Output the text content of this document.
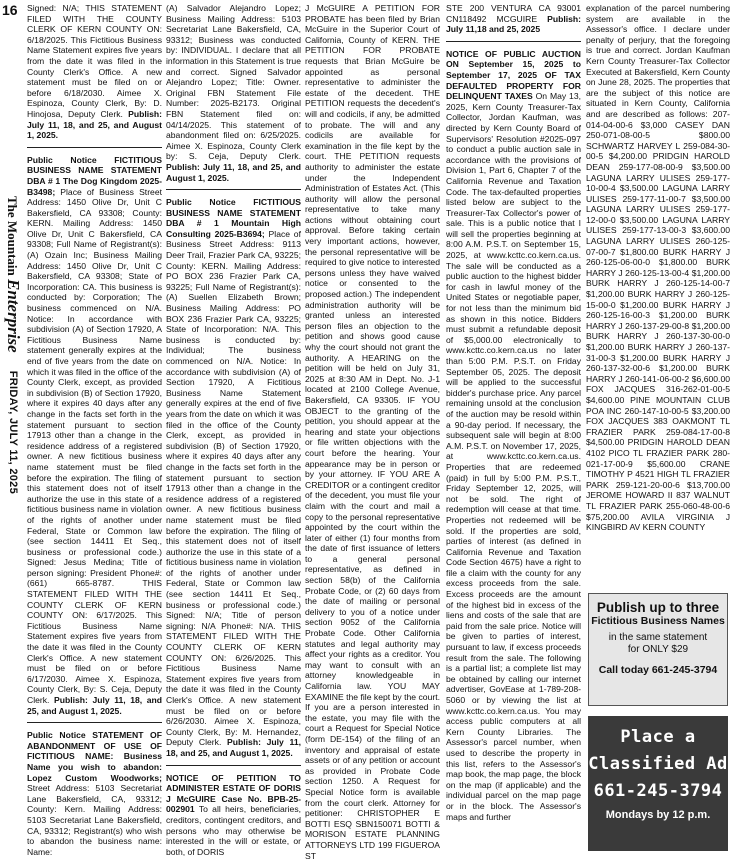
16
The Mountain Enterprise
FRIDAY, JULY 11, 2025

Signed: N/A; THIS STATEMENT FILED WITH THE COUNTY CLERK OF KERN COUNTY ON: 6/18/2025. This Fictitious Business Name Statement expires five years from the date it was filed in the County Clerk's Office. A new statement must be filed on or before 6/18/2030. Aimee X. Espinoza, County Clerk, By: D. Hinojosa, Deputy Clerk. Publish: July 11, 18, and 25, and August 1, 2025.

Public Notice FICTITIOUS BUSINESS NAME STATEMENT DBA # 1 The Dog Kingdom 2025-B3498; Place of Business Street Address: 1450 Olive Dr, Unit C Bakersfield, CA 93308; County: KERN. Mailing Address: 1450 Olive Dr, Unit C Bakersfield, CA 93308; Full Name of Registrant(s): (A) Ozain Inc; Business Mailing Address: 1450 Olive Dr, Unit C Bakersfield, CA 93308; State of Incorporation: CA. This business is conducted by: Corporation; The business commenced on N/A. Notice: In accordance with subdivision (A) of Section 17920, A Fictitious Business Name statement generally expires at the end of five years from the date on which it was filed in the office of the County Clerk, except, as provided in subdivision (B) of Section 17920, where it expires 40 days after any change in the facts set forth in the statement pursuant to section 17913 other than a change in the residence address of a registered owner. A new fictitious business name statement must be filed before the expiration. The filing of this statement does not of itself authorize the use in this state of a fictitious business name in violation of the rights of another under Federal, State or Common law (see section 14411 Et Seq., business or professional code.) Signed: Jesus Medina; Title of person signing: President Phone#: (661) 665-8787. THIS STATEMENT FILED WITH THE COUNTY CLERK OF KERN COUNTY ON: 6/17/2025. This Fictitious Business Name Statement expires five years from the date it was filed in the County Clerk's Office. A new statement must be filed on or before 6/17/2030. Aimee X. Espinoza, County Clerk, By: S. Ceja, Deputy Clerk. Publish: July 11, 18, and 25, and August 1, 2025.

Public Notice STATEMENT OF ABANDONMENT OF USE OF FICTITIOUS NAME: Business Name you wish to abandon: Lopez Custom Woodworks; Street Address: 5103 Secretariat Lane Bakersfield, CA, 93312; County: Kern. Mailing Address: 5103 Secretariat Lane Bakersfield, CA, 93312; Registrant(s) who wish to abandon the business name: Name:

(A) Salvador Alejandro Lopez; Business Mailing Address: 5103 Secretariat Lane Bakersfield, CA, 93312; Business was conducted by: INDIVIDUAL. I declare that all information in this Statement is true and correct. Signed Salvador Alejandro Lopez; Title: Owner. Original FBN Statement File Number: 2025-B2173. Original FBN Statement filed on: 04/14/2025. This statement of abandonment filed on: 6/25/2025. Aimee X. Espinoza, County Clerk by: S. Ceja, Deputy Clerk. Publish: July 11, 18, and 25, and August 1, 2025.

Public Notice FICTITIOUS BUSINESS NAME STATEMENT DBA # 1 Mountain High Consulting 2025-B3694; Place of Business Street Address: 9113 Deer Trail, Frazier Park CA, 93225; County: KERN. Mailing Address: PO BOX 236 Frazier Park CA, 93225; Full Name of Registrant(s): (A) Suellen Elizabeth Brown; Business Mailing Address: PO BOX 236 Frazier Park CA, 93225; State of Incorporation: N/A. This business is conducted by: Individual; The business commenced on N/A. Notice: In accordance with subdivision (A) of Section 17920, A Fictitious Business Name Statement generally expires at the end of five years from the date on which it was filed in the office of the County Clerk, except, as provided in subdivision (B) of Section 17920, where it expires 40 days after any change in the facts set forth in the statement pursuant to section 17913 other than a change in the residence address of a registered owner. A new fictitious business name statement must be filed before the expiration. The filing of this statement does not of itself authorize the use in this state of a fictitious business name in violation of the rights of another under Federal, State or Common law (see section 14411 Et Seq., business or professional code.) Signed: N/A; Title of person signing: N/A Phone#: N/A. THIS STATEMENT FILED WITH THE COUNTY CLERK OF KERN COUNTY ON: 6/26/2025. This Fictitious Business Name Statement expires five years from the date it was filed in the County Clerk's Office. A new statement must be filed on or before 6/26/2030. Aimee X. Espinoza, County Clerk, By: M. Hernandez, Deputy Clerk. Publish: July 11, 18, and 25, and August 1, 2025.

NOTICE OF PETITION TO ADMINISTER ESTATE OF DORIS J McGUIRE Case No. BPB-25-002901 To all heirs, beneficiaries, creditors, contingent creditors, and persons who may otherwise be interested in the will or estate, or both, of DORIS

J McGUIRE A PETITION FOR PROBATE has been filed by Brian McGuire in the Superior Court of California, County of KERN. THE PETITION FOR PROBATE requests that Brian McGuire be appointed as personal representative to administer the estate of the decedent. THE PETITION requests the decedent's will and codicils, if any, be admitted to probate. The will and any codicils are available for examination in the file kept by the court. THE PETITION requests authority to administer the estate under the Independent Administration of Estates Act. (This authority will allow the personal representative to take many actions without obtaining court approval. Before taking certain very important actions, however, the personal representative will be required to give notice to interested persons unless they have waived notice or consented to the proposed action.) The independent administration authority will be granted unless an interested person files an objection to the petition and shows good cause why the court should not grant the authority. A HEARING on the petition will be held on July 31, 2025 at 8:30 AM in Dept. No. J-1 located at 2100 College Avenue, Bakersfield, CA 93305. IF YOU OBJECT to the granting of the petition, you should appear at the hearing and state your objections or file written objections with the court before the hearing. Your appearance may be in person or by your attorney. IF YOU ARE A CREDITOR or a contingent creditor of the decedent, you must file your claim with the court and mail a copy to the personal representative appointed by the court within the later of either (1) four months from the date of first issuance of letters to a general personal representative, as defined in section 58(b) of the California Probate Code, or (2) 60 days from the date of mailing or personal delivery to you of a notice under section 9052 of the California Probate Code. Other California statutes and legal authority may affect your rights as a creditor. You may want to consult with an attorney knowledgeable in California law. YOU MAY EXAMINE the file kept by the court. If you are a person interested in the estate, you may file with the court a Request for Special Notice (form DE-154) of the filing of an inventory and appraisal of estate assets or of any petition or account as provided in Probate Code section 1250. A Request for Special Notice form is available from the court clerk. Attorney for petitioner: CHRISTOPHER E BOTTI ESQ SBN150071 BOTTI & MORISON ESTATE PLANNING ATTORNEYS LTD 199 FIGUEROA ST

STE 200 VENTURA CA 93001 CN118492 MCGUIRE Publish: July 11,18 and 25, 2025

NOTICE OF PUBLIC AUCTION ON September 15, 2025 to September 17, 2025 OF TAX DEFAULTED PROPERTY FOR DELINQUENT TAXES On May 13, 2025, Kern County Treasurer-Tax Collector, Jordan Kaufman, was directed by Kern County Board of Supervisors' Resolution #2025-097 to conduct a public auction sale in accordance with the provisions of Division 1, Part 6, Chapter 7 of the California Revenue and Taxation Code. The tax-defaulted properties listed below are subject to the Treasurer-Tax Collector's power of sale. This is a public notice that I will sell the properties beginning at 8:00 A.M. P.S.T. on September 15, 2025, at www.kcttc.co.kern.ca.us. The sale will be conducted as a public auction to the highest bidder for cash in lawful money of the United States or negotiable paper, for not less than the minimum bid as shown in this notice. Bidders must submit a refundable deposit of $5,000.00 electronically to www.kcttc.co.kern.ca.us no later than 5:00 P.M. P.S.T. on Friday September 05, 2025. The deposit will be applied to the successful bidder's purchase price. Any parcel remaining unsold at the conclusion of the auction may be resold within a 90-day period. If necessary, the subsequent sale will begin at 8:00 A.M. P.S.T. on November 17, 2025, at www.kcttc.co.kern.ca.us. Properties that are redeemed (paid) in full by 5:00 P.M. P.S.T., Friday September 12, 2025, will not be sold. The right of redemption will cease at that time. Properties not redeemed will be sold. If the properties are sold, parties of interest (as defined in California Revenue and Taxation Code Section 4675) have a right to file a claim with the county for any excess proceeds from the sale. Excess proceeds are the amount of the highest bid in excess of the liens and costs of the sale that are paid from the sale price. Notice will be given to parties of interest, pursuant to law, if excess proceeds result from the sale. The following is a partial list; a complete list may be obtained by calling our internet advertiser, GovEase at 1-789-208-5060 or by viewing the list at www.kcttc.co.kern.ca.us. You may access public computers at all Kern County Libraries. The Assessor's parcel number, when used to describe the property in this list, refers to the Assessor's map book, the map page, the block on the map (if applicable) and the individual parcel on the map page or in the block. The Assessor's maps and further

explanation of the parcel numbering system are available in the Assessor's office. I declare under penalty of perjury, that the foregoing is true and correct. Jordan Kaufman Kern County Treasurer-Tax Collector Executed at Bakersfield, Kern County on June 28, 2025. The properties that are the subject of this notice are situated in Kern County, California and are described as follows: 207-014-04-00-6 $3,000 CASEY DAN 250-071-08-00-5 $800.00 SCHWARTZ HARVEY L 259-084-30-00-5 $4,200.00 PRIDGIN HAROLD DEAN 259-177-08-00-9 $3,500.00 LAGUNA LARRY ULISES 259-177-10-00-4 $3,500.00 LAGUNA LARRY ULISES 259-177-11-00-7 $3,500.00 LAGUNA LARRY ULISES 259-177-12-00-0 $3,500.00 LAGUNA LARRY ULISES 259-177-13-00-3 $3,600.00 LAGUNA LARRY ULISES 260-125-07-00-7 $1,800.00 BURK HARRY J 260-125-06-00-0 $1,800.00 BURK HARRY J 260-125-13-00-4 $1,200.00 BURK HARRY J 260-125-14-00-7 $1,200.00 BURK HARRY J 260-125-15-00-0 $1,200.00 BURK HARRY J 260-125-16-00-3 $1,200.00 BURK HARRY J 260-137-29-00-8 $1,200.00 BURK HARRY J 260-137-30-00-0 $1,200.00 BURK HARRY J 260-137-31-00-3 $1,200.00 BURK HARRY J 260-137-32-00-6 $1,200.00 BURK HARRY J 260-141-06-00-2 $6,600.00 FOX JACQUES 316-262-01-00-5 $4,600.00 PINE MOUNTAIN CLUB POA INC 260-147-10-00-5 $3,200.00 FOX JACQUES 383 OAKMONT TL FRAZIER PARK 259-084-17-00-8 $4,500.00 PRIDGIN HAROLD DEAN 4102 PICO TL FRAZIER PARK 280-021-17-00-9 $5,600.00 CRANE TIMOTHY P 4521 HIGH TL FRAZIER PARK 259-121-20-00-6 $13,700.00 JEROME HOWARD II 837 WALNUT TL FRAZIER PARK 255-060-48-00-6 $75,200.00 AVILA VIRGINIA J KINGBIRD AV KERN COUNTY

Publish up to three
Fictitious Business Names
in the same statement
for ONLY $29
Call today 661-245-3794
Place a
Classified Ad
661-245-3794
Mondays by 12 p.m.
